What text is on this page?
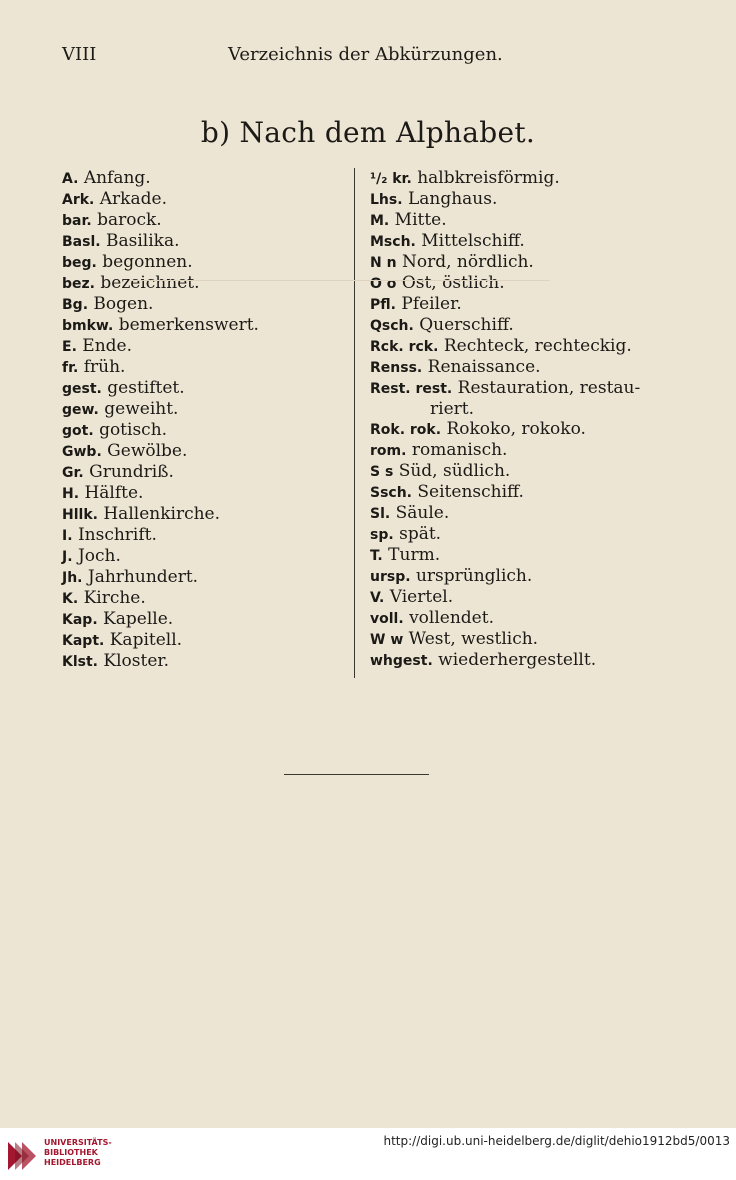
VIII	Verzeichnis der Abkürzungen.
b) Nach dem Alphabet.
A. Anfang.
Ark. Arkade.
bar. barock.
Basl. Basilika.
beg. begonnen.
bez. bezeichnet.
Bg. Bogen.
bmkw. bemerkenswert.
E. Ende.
fr. früh.
gest. gestiftet.
gew. geweiht.
got. gotisch.
Gwb. Gewölbe.
Gr. Grundriß.
H. Hälfte.
Hllk. Hallenkirche.
I. Inschrift.
J. Joch.
Jh. Jahrhundert.
K. Kirche.
Kap. Kapelle.
Kapt. Kapitell.
Klst. Kloster.
¹/₂ kr. halbkreisförmig.
Lhs. Langhaus.
M. Mitte.
Msch. Mittelschiff.
N n Nord, nördlich.
O o Ost, östlich.
Pfl. Pfeiler.
Qsch. Querschiff.
Rck. rck. Rechteck, rechteckig.
Renss. Renaissance.
Rest. rest. Restauration, restau-
riert.
Rok. rok. Rokoko, rokoko.
rom. romanisch.
S s Süd, südlich.
Ssch. Seitenschiff.
Sl. Säule.
sp. spät.
T. Turm.
ursp. ursprünglich.
V. Viertel.
voll. vollendet.
W w West, westlich.
whgest. wiederhergestellt.
UNIVERSITÄTS-
BIBLIOTHEK
HEIDELBERG
http://digi.ub.uni-heidelberg.de/diglit/dehio1912bd5/0013
